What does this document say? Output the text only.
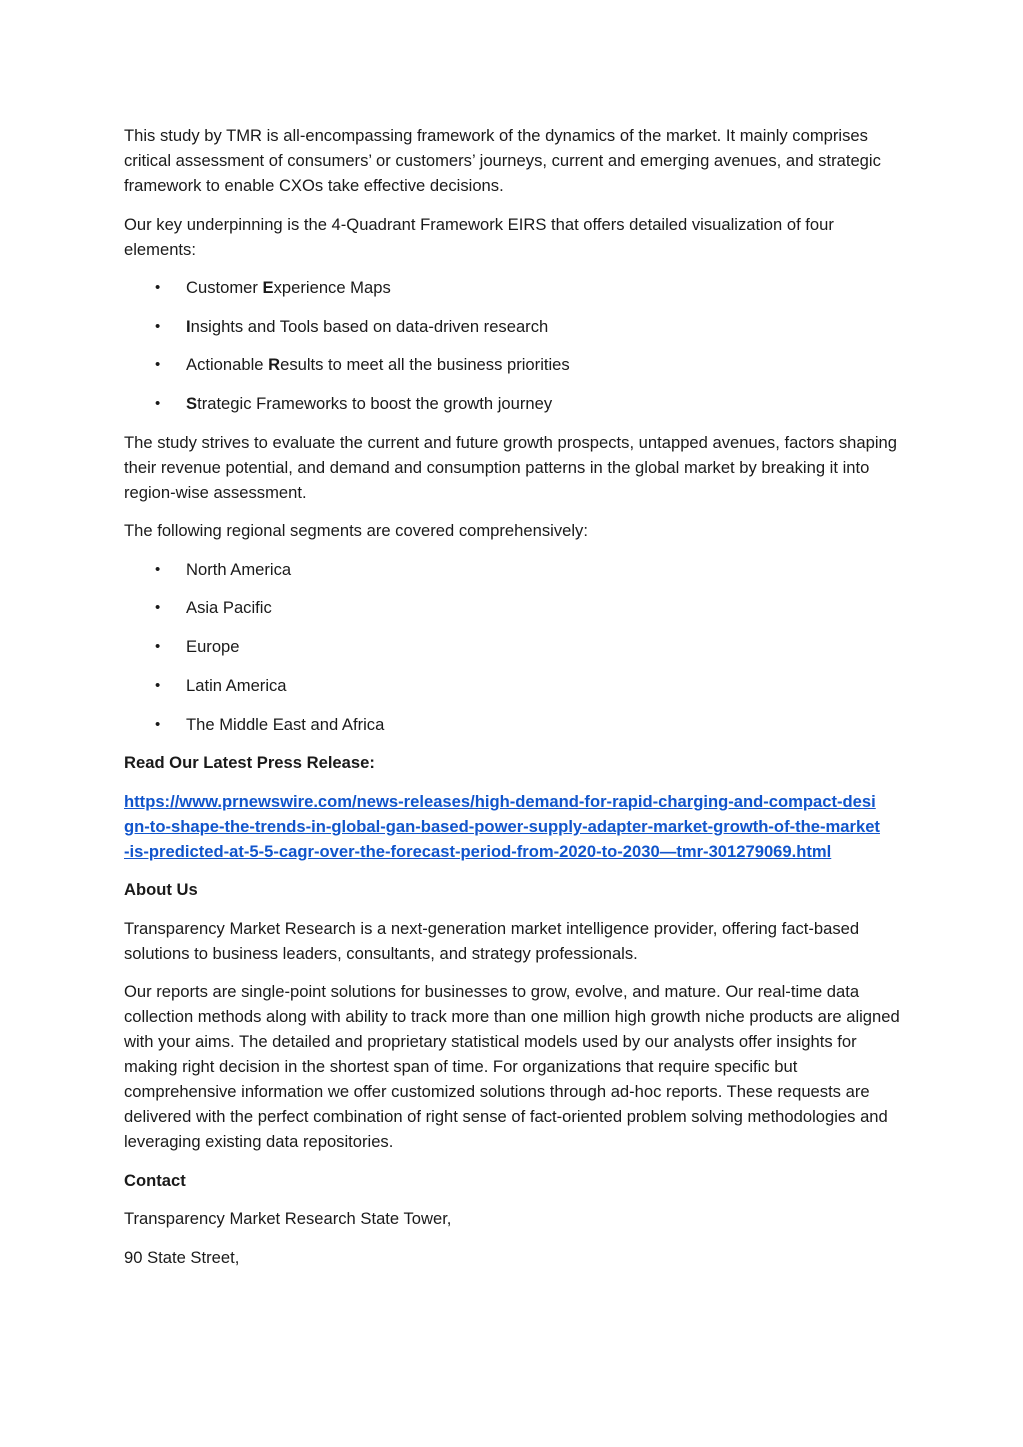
This study by TMR is all-encompassing framework of the dynamics of the market. It mainly comprises critical assessment of consumers’ or customers’ journeys, current and emerging avenues, and strategic framework to enable CXOs take effective decisions.

Our key underpinning is the 4-Quadrant Framework EIRS that offers detailed visualization of four elements:

• Customer Experience Maps
• Insights and Tools based on data-driven research
• Actionable Results to meet all the business priorities
• Strategic Frameworks to boost the growth journey

The study strives to evaluate the current and future growth prospects, untapped avenues, factors shaping their revenue potential, and demand and consumption patterns in the global market by breaking it into region-wise assessment.

The following regional segments are covered comprehensively:

• North America
• Asia Pacific
• Europe
• Latin America
• The Middle East and Africa

Read Our Latest Press Release:

https://www.prnewswire.com/news-releases/high-demand-for-rapid-charging-and-compact-design-to-shape-the-trends-in-global-gan-based-power-supply-adapter-market-growth-of-the-market-is-predicted-at-5-5-cagr-over-the-forecast-period-from-2020-to-2030—tmr-301279069.html

About Us

Transparency Market Research is a next-generation market intelligence provider, offering fact-based solutions to business leaders, consultants, and strategy professionals.

Our reports are single-point solutions for businesses to grow, evolve, and mature. Our real-time data collection methods along with ability to track more than one million high growth niche products are aligned with your aims. The detailed and proprietary statistical models used by our analysts offer insights for making right decision in the shortest span of time. For organizations that require specific but comprehensive information we offer customized solutions through ad-hoc reports. These requests are delivered with the perfect combination of right sense of fact-oriented problem solving methodologies and leveraging existing data repositories.

Contact

Transparency Market Research State Tower,

90 State Street,
